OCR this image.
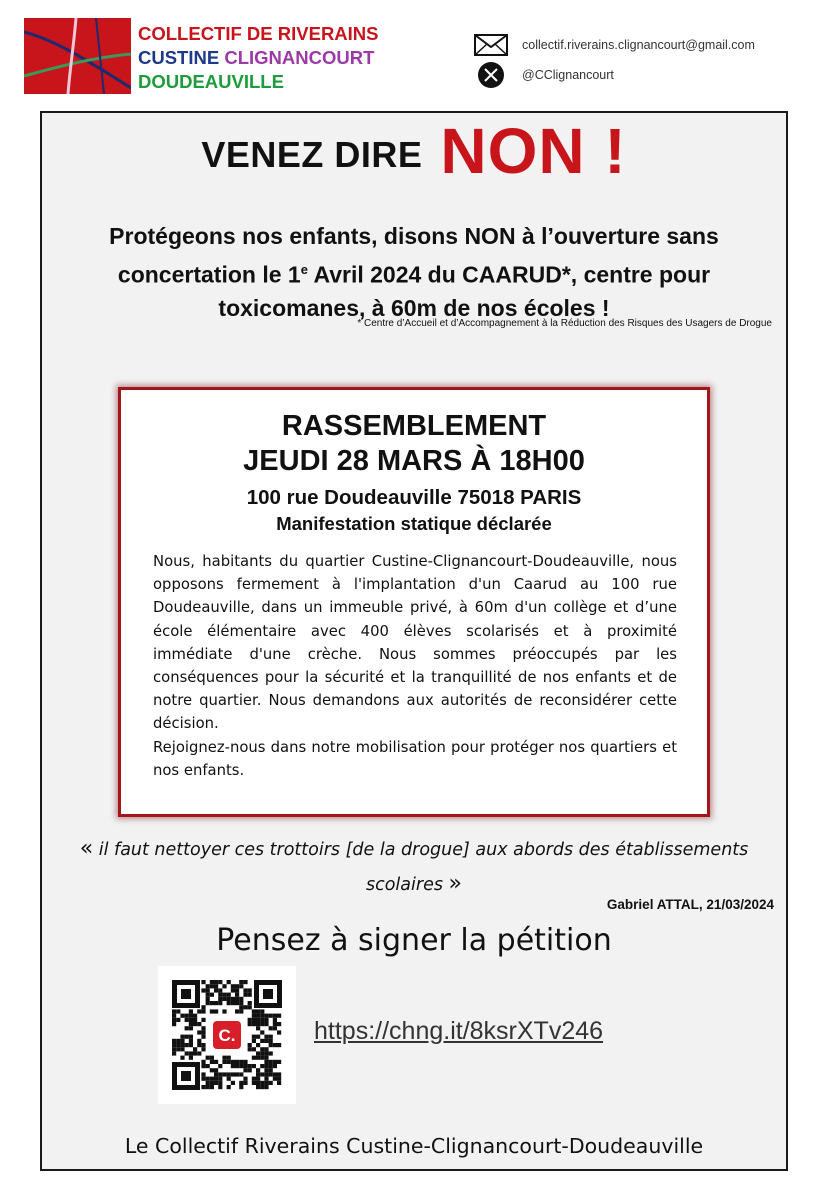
COLLECTIF DE RIVERAINS
CUSTINE CLIGNANCOURT
DOUDEAUVILLE
collectif.riverains.clignancourt@gmail.com
@CClignancourt
VENEZ DIRE NON !
Protégeons nos enfants, disons NON à l’ouverture sans
concertation le 1e Avril 2024 du CAARUD*, centre pour
toxicomanes, à 60m de nos écoles !
* Centre d’Accueil et d’Accompagnement à la Réduction des Risques des Usagers de Drogue
RASSEMBLEMENT
JEUDI 28 MARS À 18H00
100 rue Doudeauville 75018 PARIS
Manifestation statique déclarée

Nous, habitants du quartier Custine-Clignancourt-Doudeauville, nous opposons fermement à l'implantation d'un Caarud au 100 rue Doudeauville, dans un immeuble privé, à 60m d'un collège et d’une école élémentaire avec 400 élèves scolarisés et à proximité immédiate d'une crèche. Nous sommes préoccupés par les conséquences pour la sécurité et la tranquillité de nos enfants et de notre quartier. Nous demandons aux autorités de reconsidérer cette décision.

Rejoignez-nous dans notre mobilisation pour protéger nos quartiers et nos enfants.

« il faut nettoyer ces trottoirs [de la drogue] aux abords des établissements scolaires »
Gabriel ATTAL, 21/03/2024
Pensez à signer la pétition
C.	https://chng.it/8ksrXTv246
Le Collectif Riverains Custine-Clignancourt-Doudeauville
